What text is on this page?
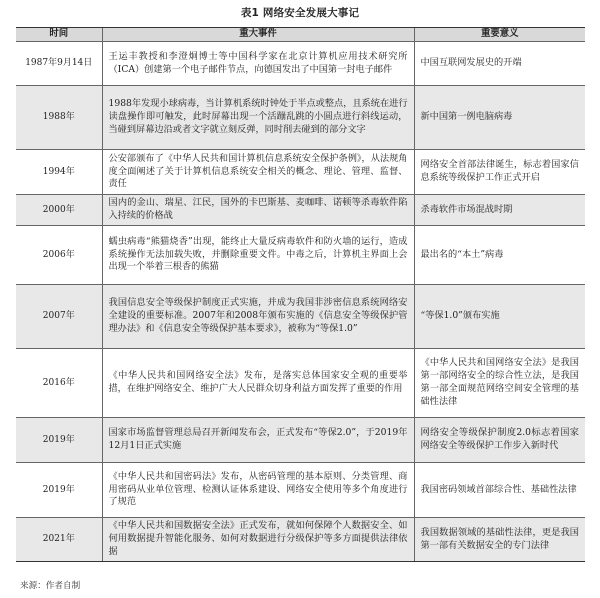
表1 网络安全发展大事记
时间	重大事件	重要意义
1987年9月14日	王运丰教授和李澄炯博士等中国科学家在北京计算机应用技术研究所（ICA）创建第一个电子邮件节点，向德国发出了中国第一封电子邮件	中国互联网发展史的开端
1988年	1988年发现小球病毒，当计算机系统时钟处于半点或整点，且系统在进行读盘操作即可触发，此时屏幕出现一个活蹦乱跳的小圆点进行斜线运动，当碰到屏幕边沿或者文字就立刻反弹，同时削去碰到的部分文字	新中国第一例电脑病毒
1994年	公安部颁布了《中华人民共和国计算机信息系统安全保护条例》，从法规角度全面阐述了关于计算机信息系统安全相关的概念、理论、管理、监督、责任	网络安全首部法律诞生，标志着国家信息系统等级保护工作正式开启
2000年	国内的金山、瑞星、江民，国外的卡巴斯基、麦咖啡、诺顿等杀毒软件陷入持续的价格战	杀毒软件市场混战时期
2006年	蠕虫病毒“熊猫烧香”出现，能终止大量反病毒软件和防火墙的运行，造成系统操作无法加载失败，并删除重要文件。中毒之后，计算机主界面上会出现一个举着三根香的熊猫	最出名的“本土”病毒
2007年	我国信息安全等级保护制度正式实施，并成为我国非涉密信息系统网络安全建设的重要标准。2007年和2008年颁布实施的《信息安全等级保护管理办法》和《信息安全等级保护基本要求》，被称为“等保1.0”	“等保1.0”颁布实施
2016年	《中华人民共和国网络安全法》发布，是落实总体国家安全观的重要举措，在维护网络安全、维护广大人民群众切身利益方面发挥了重要的作用	《中华人民共和国网络安全法》是我国第一部网络安全的综合性立法，是我国第一部全面规范网络空间安全管理的基础性法律
2019年	国家市场监督管理总局召开新闻发布会，正式发布“等保2.0”，于2019年12月1日正式实施	网络安全等级保护制度2.0标志着国家网络安全等级保护工作步入新时代
2019年	《中华人民共和国密码法》发布，从密码管理的基本原则、分类管理、商用密码从业单位管理、检测认证体系建设、网络安全使用等多个角度进行了规范	我国密码领域首部综合性、基础性法律
2021年	《中华人民共和国数据安全法》正式发布，就如何保障个人数据安全、如何用数据提升智能化服务、如何对数据进行分级保护等多方面提供法律依据	我国数据领域的基础性法律，更是我国第一部有关数据安全的专门法律
来源：作者自制
